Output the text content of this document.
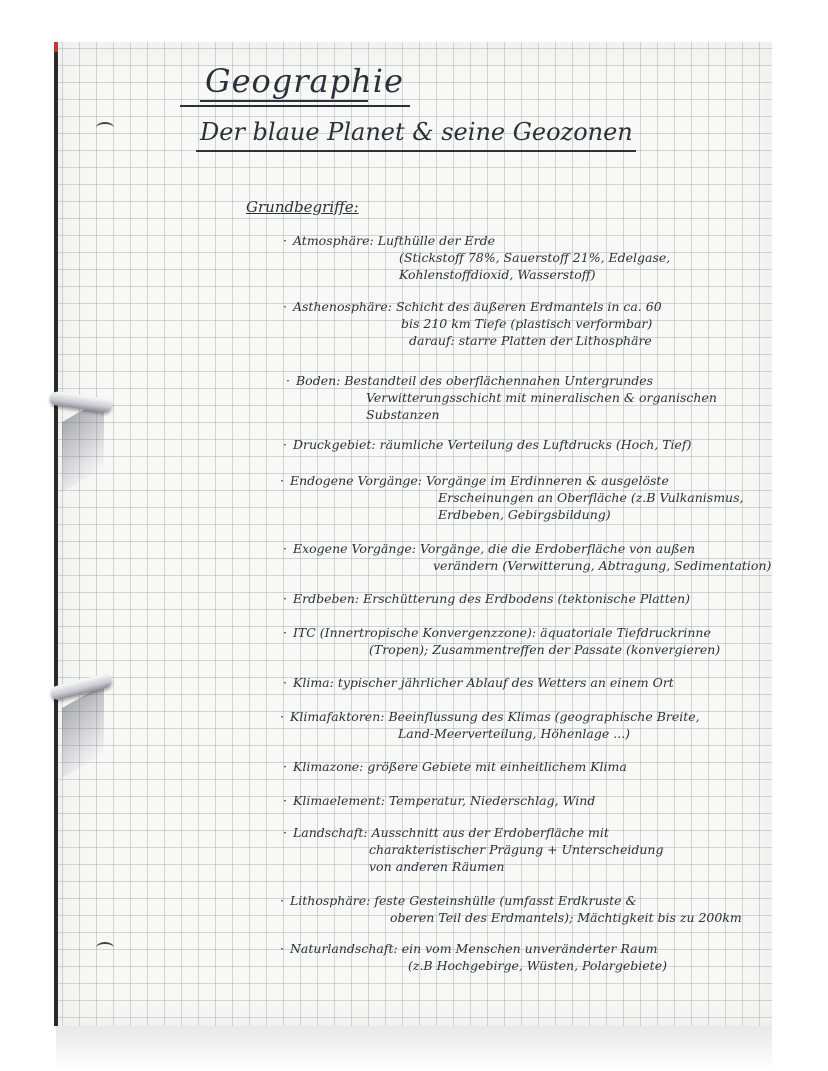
Geographie
Der blaue Planet & seine Geozonen
Grundbegriffe:
· Atmosphäre: Lufthülle der Erde
(Stickstoff 78%, Sauerstoff 21%, Edelgase,
Kohlenstoffdioxid, Wasserstoff)
· Asthenosphäre: Schicht des äußeren Erdmantels in ca. 60
bis 210 km Tiefe (plastisch verformbar)
darauf: starre Platten der Lithosphäre
· Boden: Bestandteil des oberflächennahen Untergrundes
Verwitterungsschicht mit mineralischen & organischen
Substanzen
· Druckgebiet: räumliche Verteilung des Luftdrucks (Hoch, Tief)
· Endogene Vorgänge: Vorgänge im Erdinneren & ausgelöste
Erscheinungen an Oberfläche (z.B Vulkanismus,
Erdbeben, Gebirgsbildung)
· Exogene Vorgänge: Vorgänge, die die Erdoberfläche von außen
verändern (Verwitterung, Abtragung, Sedimentation)
· Erdbeben: Erschütterung des Erdbodens (tektonische Platten)
· ITC (Innertropische Konvergenzzone): äquatoriale Tiefdruckrinne
(Tropen); Zusammentreffen der Passate (konvergieren)
· Klima: typischer jährlicher Ablauf des Wetters an einem Ort
· Klimafaktoren: Beeinflussung des Klimas (geographische Breite,
Land-Meerverteilung, Höhenlage ...)
· Klimazone: größere Gebiete mit einheitlichem Klima
· Klimaelement: Temperatur, Niederschlag, Wind
· Landschaft: Ausschnitt aus der Erdoberfläche mit
charakteristischer Prägung + Unterscheidung
von anderen Räumen
· Lithosphäre: feste Gesteinshülle (umfasst Erdkruste &
oberen Teil des Erdmantels); Mächtigkeit bis zu 200km
· Naturlandschaft: ein vom Menschen unveränderter Raum
(z.B Hochgebirge, Wüsten, Polargebiete)
